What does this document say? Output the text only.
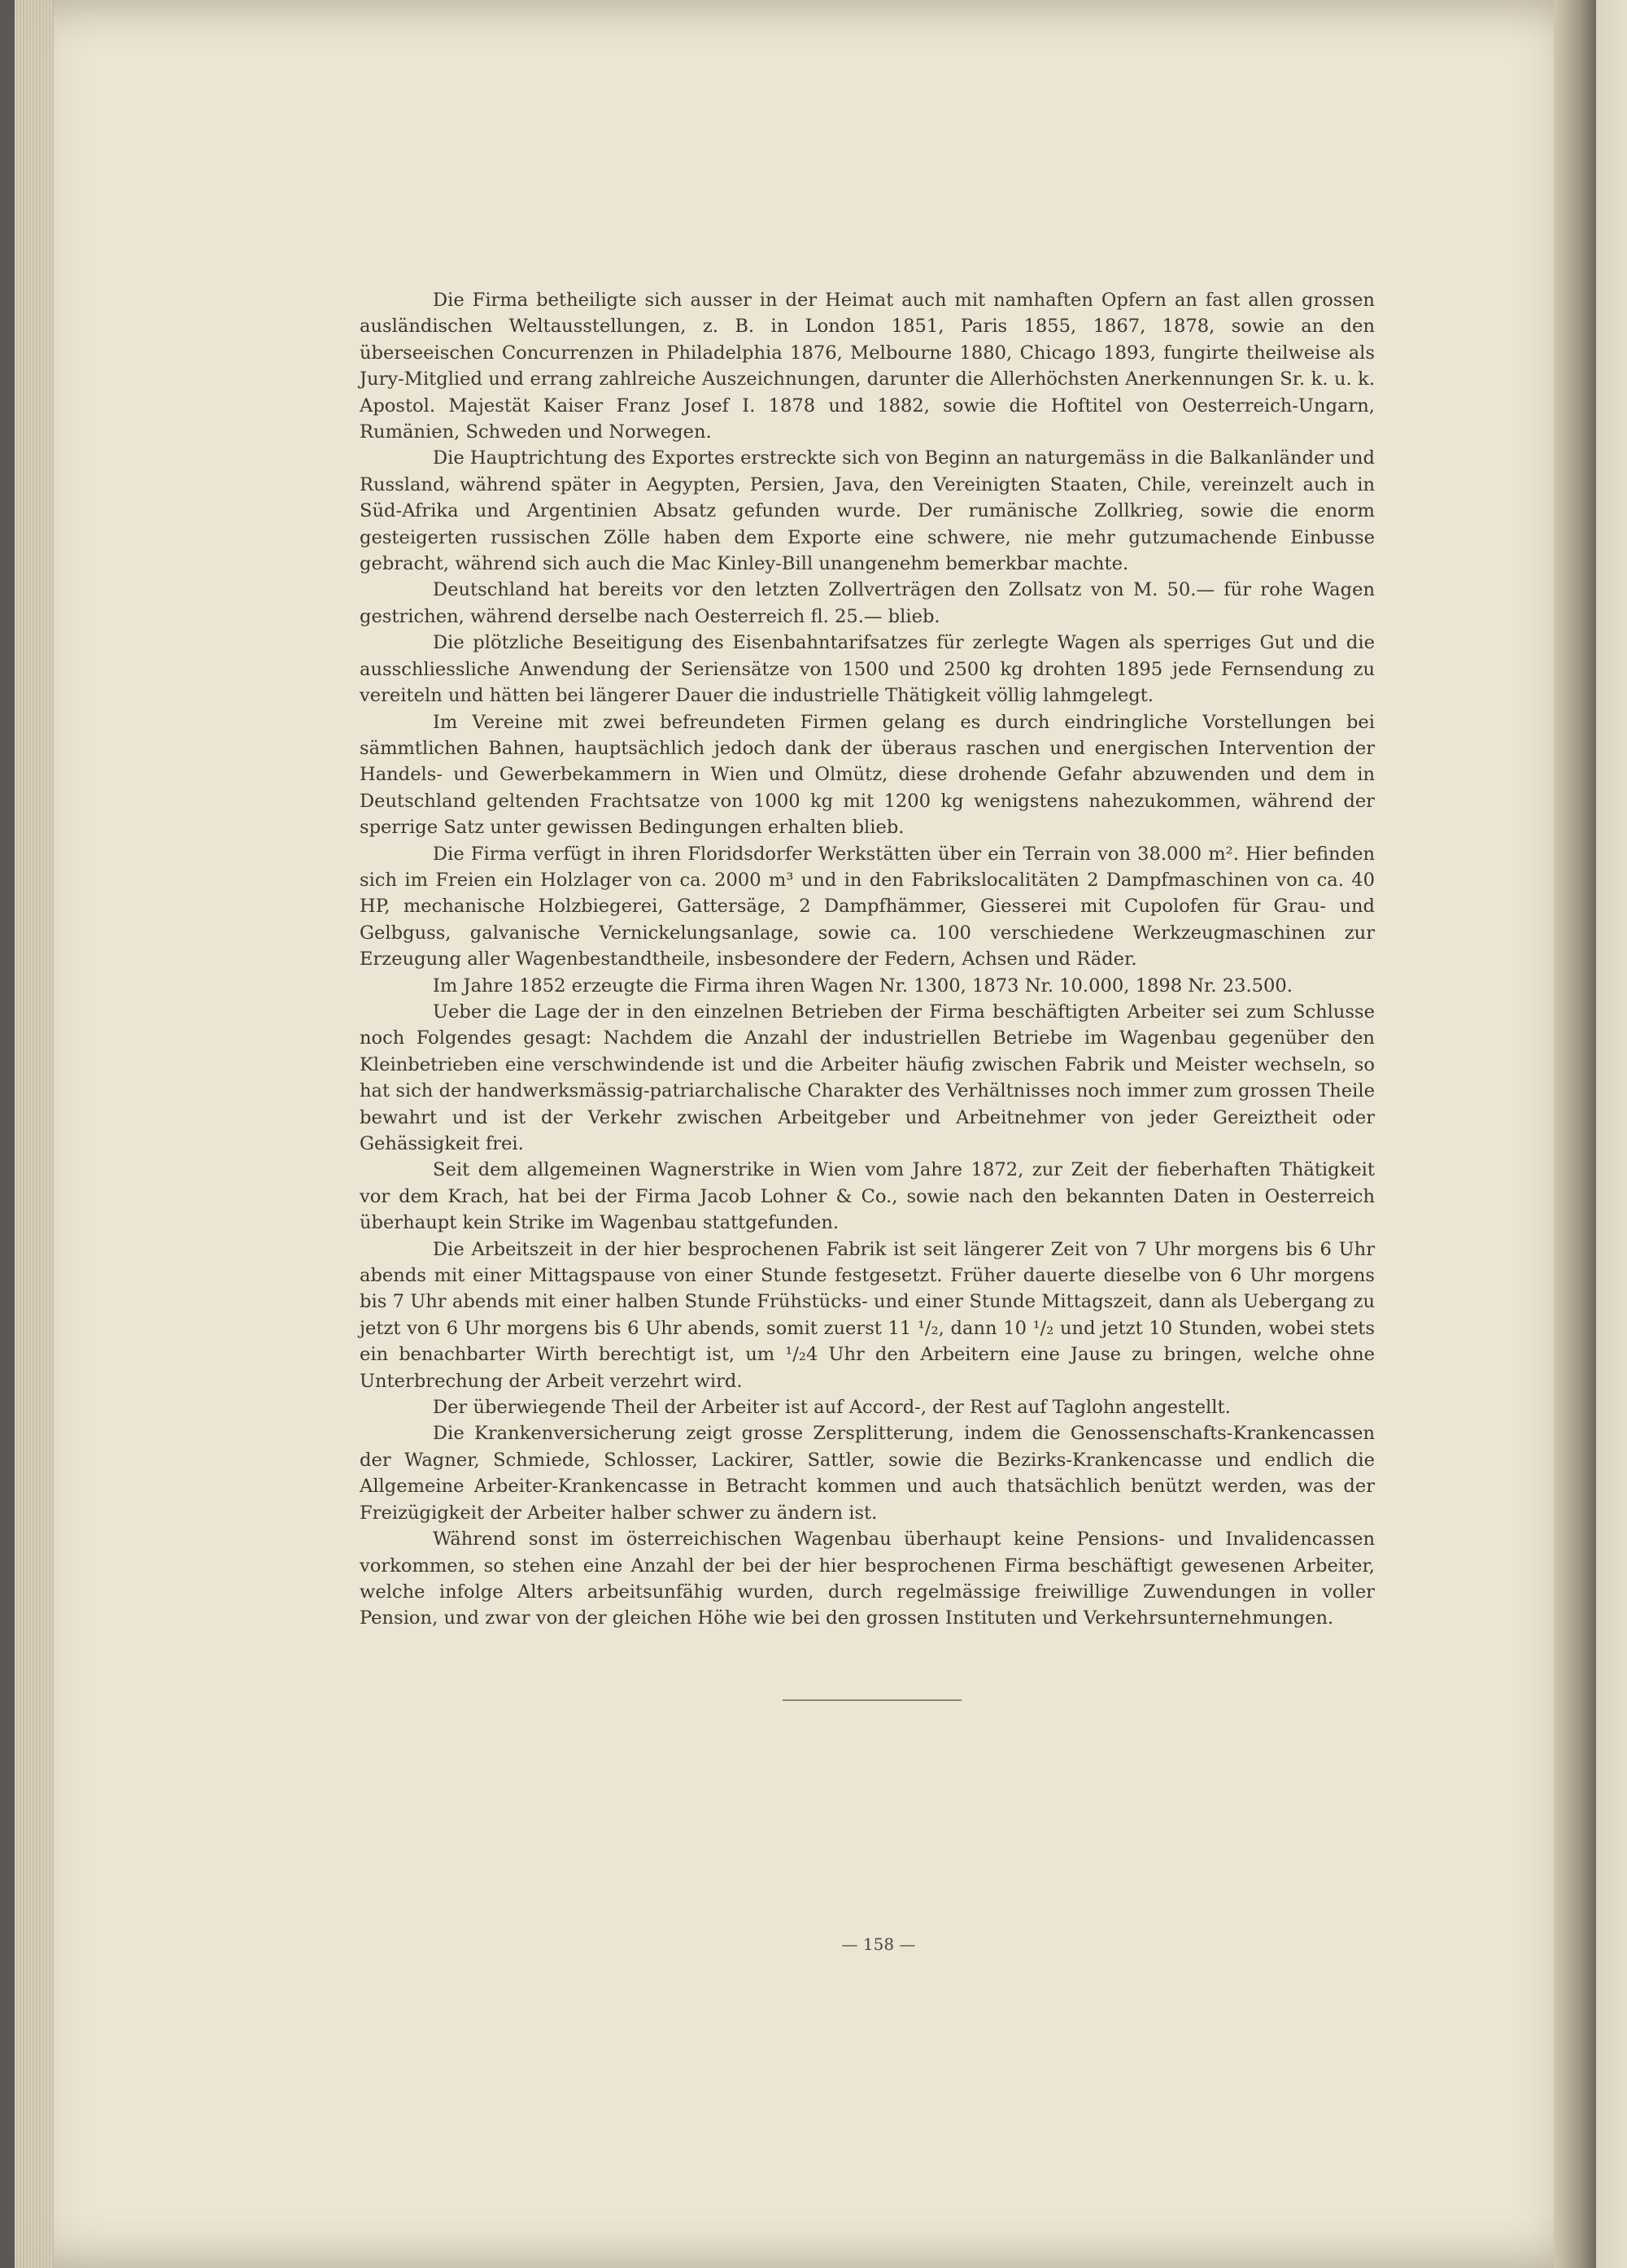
Die Firma betheiligte sich ausser in der Heimat auch mit namhaften Opfern an fast allen grossen ausländischen Weltausstellungen, z. B. in London 1851, Paris 1855, 1867, 1878, sowie an den überseeischen Concurrenzen in Philadelphia 1876, Melbourne 1880, Chicago 1893, fungirte theilweise als Jury-Mitglied und errang zahlreiche Auszeichnungen, darunter die Allerhöchsten Anerkennungen Sr. k. u. k. Apostol. Majestät Kaiser Franz Josef I. 1878 und 1882, sowie die Hoftitel von Oesterreich-Ungarn, Rumänien, Schweden und Norwegen.

Die Hauptrichtung des Exportes erstreckte sich von Beginn an naturgemäss in die Balkanländer und Russland, während später in Aegypten, Persien, Java, den Vereinigten Staaten, Chile, vereinzelt auch in Süd-Afrika und Argentinien Absatz gefunden wurde. Der rumänische Zollkrieg, sowie die enorm gesteigerten russischen Zölle haben dem Exporte eine schwere, nie mehr gutzumachende Einbusse gebracht, während sich auch die Mac Kinley-Bill unangenehm bemerkbar machte.

Deutschland hat bereits vor den letzten Zollverträgen den Zollsatz von M. 50.— für rohe Wagen gestrichen, während derselbe nach Oesterreich fl. 25.— blieb.

Die plötzliche Beseitigung des Eisenbahntarifsatzes für zerlegte Wagen als sperriges Gut und die ausschliessliche Anwendung der Seriensätze von 1500 und 2500 kg drohten 1895 jede Fernsendung zu vereiteln und hätten bei längerer Dauer die industrielle Thätigkeit völlig lahmgelegt.

Im Vereine mit zwei befreundeten Firmen gelang es durch eindringliche Vorstellungen bei sämmtlichen Bahnen, hauptsächlich jedoch dank der überaus raschen und energischen Intervention der Handels- und Gewerbekammern in Wien und Olmütz, diese drohende Gefahr abzuwenden und dem in Deutschland geltenden Frachtsatze von 1000 kg mit 1200 kg wenigstens nahezukommen, während der sperrige Satz unter gewissen Bedingungen erhalten blieb.

Die Firma verfügt in ihren Floridsdorfer Werkstätten über ein Terrain von 38.000 m². Hier befinden sich im Freien ein Holzlager von ca. 2000 m³ und in den Fabrikslocalitäten 2 Dampfmaschinen von ca. 40 HP, mechanische Holzbiegerei, Gattersäge, 2 Dampfhämmer, Giesserei mit Cupolofen für Grau- und Gelbguss, galvanische Vernickelungsanlage, sowie ca. 100 verschiedene Werkzeugmaschinen zur Erzeugung aller Wagenbestandtheile, insbesondere der Federn, Achsen und Räder.

Im Jahre 1852 erzeugte die Firma ihren Wagen Nr. 1300, 1873 Nr. 10.000, 1898 Nr. 23.500.

Ueber die Lage der in den einzelnen Betrieben der Firma beschäftigten Arbeiter sei zum Schlusse noch Folgendes gesagt: Nachdem die Anzahl der industriellen Betriebe im Wagenbau gegenüber den Kleinbetrieben eine verschwindende ist und die Arbeiter häufig zwischen Fabrik und Meister wechseln, so hat sich der handwerksmässig-patriarchalische Charakter des Verhältnisses noch immer zum grossen Theile bewahrt und ist der Verkehr zwischen Arbeitgeber und Arbeitnehmer von jeder Gereiztheit oder Gehässigkeit frei.

Seit dem allgemeinen Wagnerstrike in Wien vom Jahre 1872, zur Zeit der fieberhaften Thätigkeit vor dem Krach, hat bei der Firma Jacob Lohner & Co., sowie nach den bekannten Daten in Oesterreich überhaupt kein Strike im Wagenbau stattgefunden.

Die Arbeitszeit in der hier besprochenen Fabrik ist seit längerer Zeit von 7 Uhr morgens bis 6 Uhr abends mit einer Mittagspause von einer Stunde festgesetzt. Früher dauerte dieselbe von 6 Uhr morgens bis 7 Uhr abends mit einer halben Stunde Frühstücks- und einer Stunde Mittagszeit, dann als Uebergang zu jetzt von 6 Uhr morgens bis 6 Uhr abends, somit zuerst 11 ¹/₂, dann 10 ¹/₂ und jetzt 10 Stunden, wobei stets ein benachbarter Wirth berechtigt ist, um ¹/₂4 Uhr den Arbeitern eine Jause zu bringen, welche ohne Unterbrechung der Arbeit verzehrt wird.

Der überwiegende Theil der Arbeiter ist auf Accord-, der Rest auf Taglohn angestellt.

Die Krankenversicherung zeigt grosse Zersplitterung, indem die Genossenschafts-Krankencassen der Wagner, Schmiede, Schlosser, Lackirer, Sattler, sowie die Bezirks-Krankencasse und endlich die Allgemeine Arbeiter-Krankencasse in Betracht kommen und auch thatsächlich benützt werden, was der Freizügigkeit der Arbeiter halber schwer zu ändern ist.

Während sonst im österreichischen Wagenbau überhaupt keine Pensions- und Invalidencassen vorkommen, so stehen eine Anzahl der bei der hier besprochenen Firma beschäftigt gewesenen Arbeiter, welche infolge Alters arbeitsunfähig wurden, durch regelmässige freiwillige Zuwendungen in voller Pension, und zwar von der gleichen Höhe wie bei den grossen Instituten und Verkehrsunternehmungen.

— 158 —
